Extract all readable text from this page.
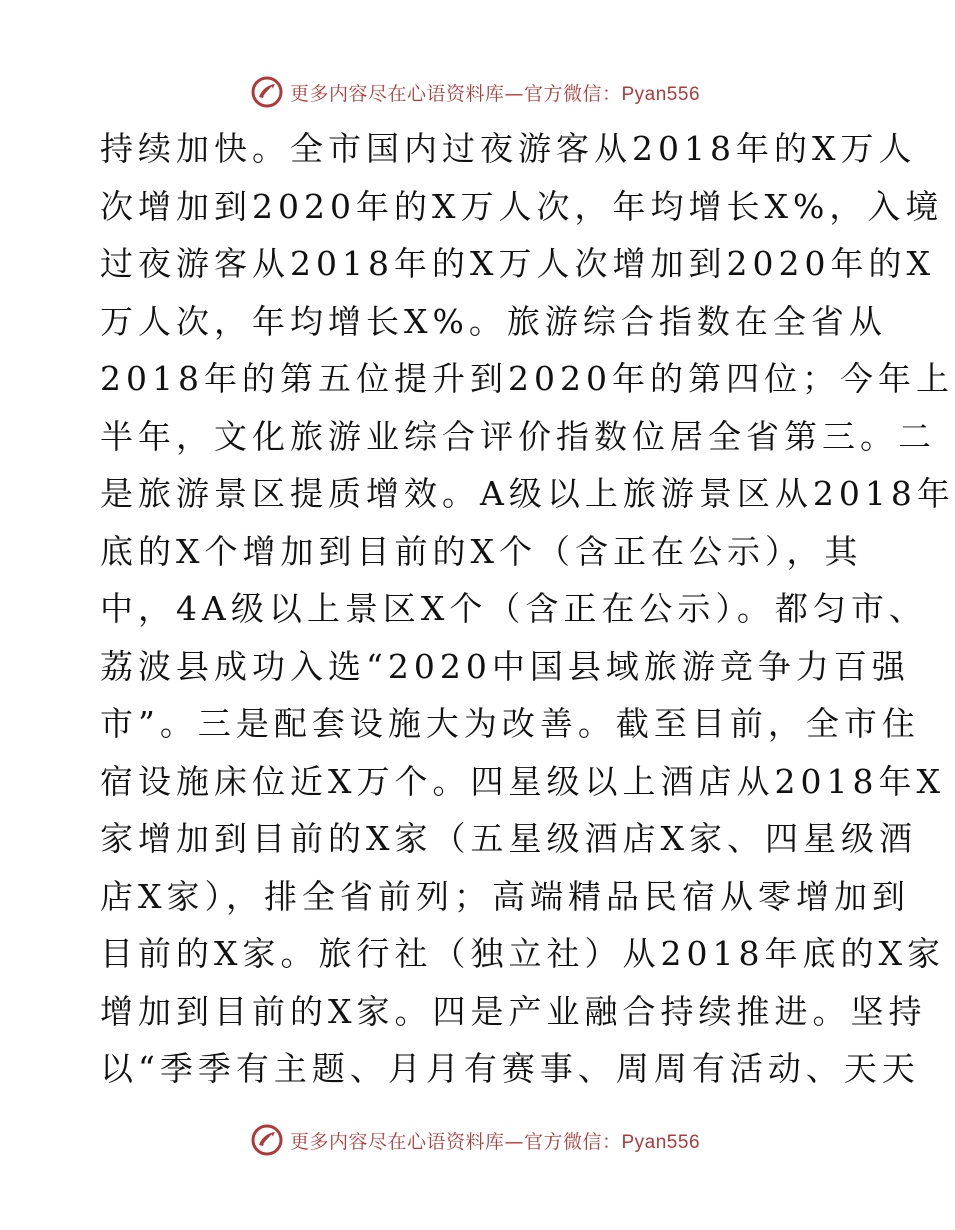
更多内容尽在心语资料库—官方微信：Pyan556
持续加快。全市国内过夜游客从2018年的X万人
次增加到2020年的X万人次，年均增长X%，入境
过夜游客从2018年的X万人次增加到2020年的X
万人次，年均增长X%。旅游综合指数在全省从
2018年的第五位提升到2020年的第四位；今年上
半年，文化旅游业综合评价指数位居全省第三。二
是旅游景区提质增效。A级以上旅游景区从2018年
底的X个增加到目前的X个（含正在公示），其
中，4A级以上景区X个（含正在公示）。都匀市、
荔波县成功入选“2020中国县域旅游竞争力百强
市”。三是配套设施大为改善。截至目前，全市住
宿设施床位近X万个。四星级以上酒店从2018年X
家增加到目前的X家（五星级酒店X家、四星级酒
店X家），排全省前列；高端精品民宿从零增加到
目前的X家。旅行社（独立社）从2018年底的X家
增加到目前的X家。四是产业融合持续推进。坚持
以“季季有主题、月月有赛事、周周有活动、天天
更多内容尽在心语资料库—官方微信：Pyan556
